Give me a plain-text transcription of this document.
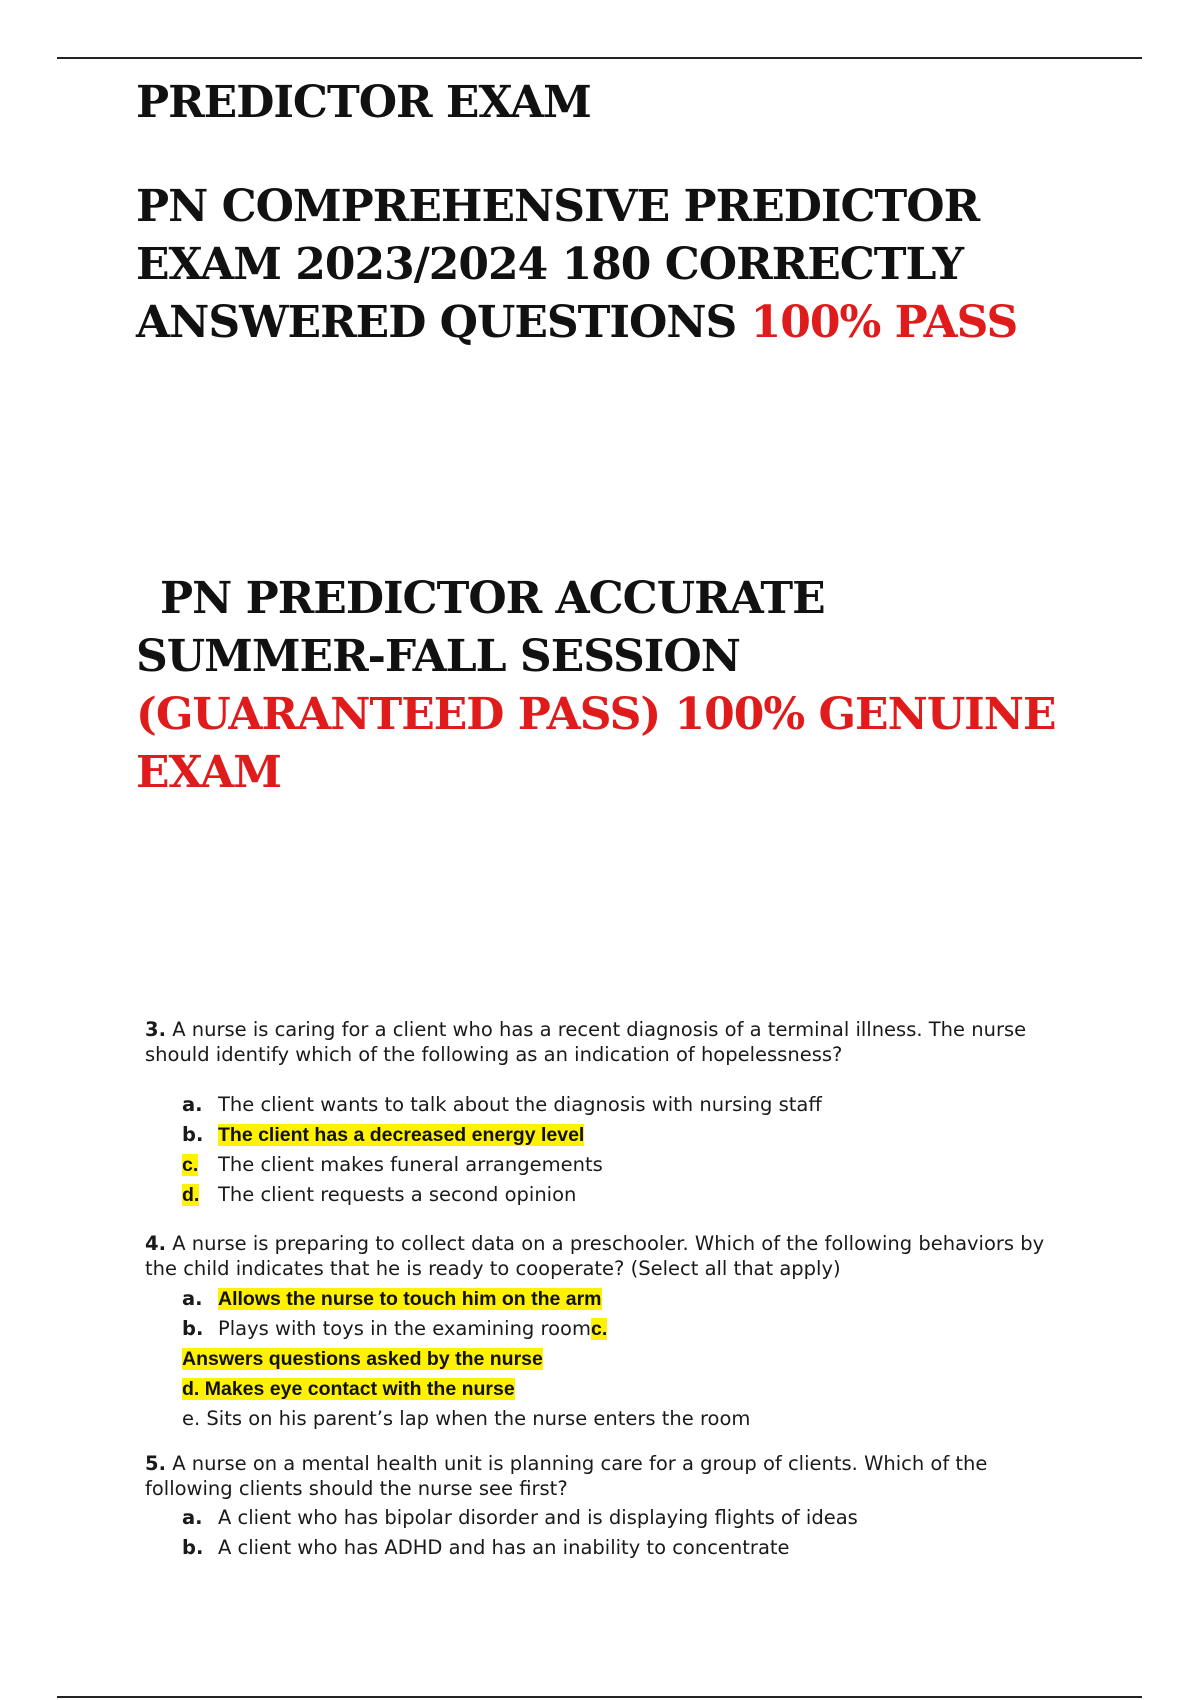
PREDICTOR EXAM
PN COMPREHENSIVE PREDICTOR
EXAM 2023/2024 180 CORRECTLY
ANSWERED QUESTIONS 100% PASS
PN PREDICTOR ACCURATE
SUMMER-FALL SESSION
(GUARANTEED PASS) 100% GENUINE
EXAM
3. A nurse is caring for a client who has a recent diagnosis of a terminal illness. The nurse should identify which of the following as an indication of hopelessness?
a. The client wants to talk about the diagnosis with nursing staff
b. The client has a decreased energy level
c. The client makes funeral arrangements
d. The client requests a second opinion
4. A nurse is preparing to collect data on a preschooler. Which of the following behaviors by the child indicates that he is ready to cooperate? (Select all that apply)
a. Allows the nurse to touch him on the arm
b. Plays with toys in the examining roomc.
Answers questions asked by the nurse
d. Makes eye contact with the nurse
e. Sits on his parent’s lap when the nurse enters the room
5. A nurse on a mental health unit is planning care for a group of clients. Which of the following clients should the nurse see first?
a. A client who has bipolar disorder and is displaying flights of ideas
b. A client who has ADHD and has an inability to concentrate
